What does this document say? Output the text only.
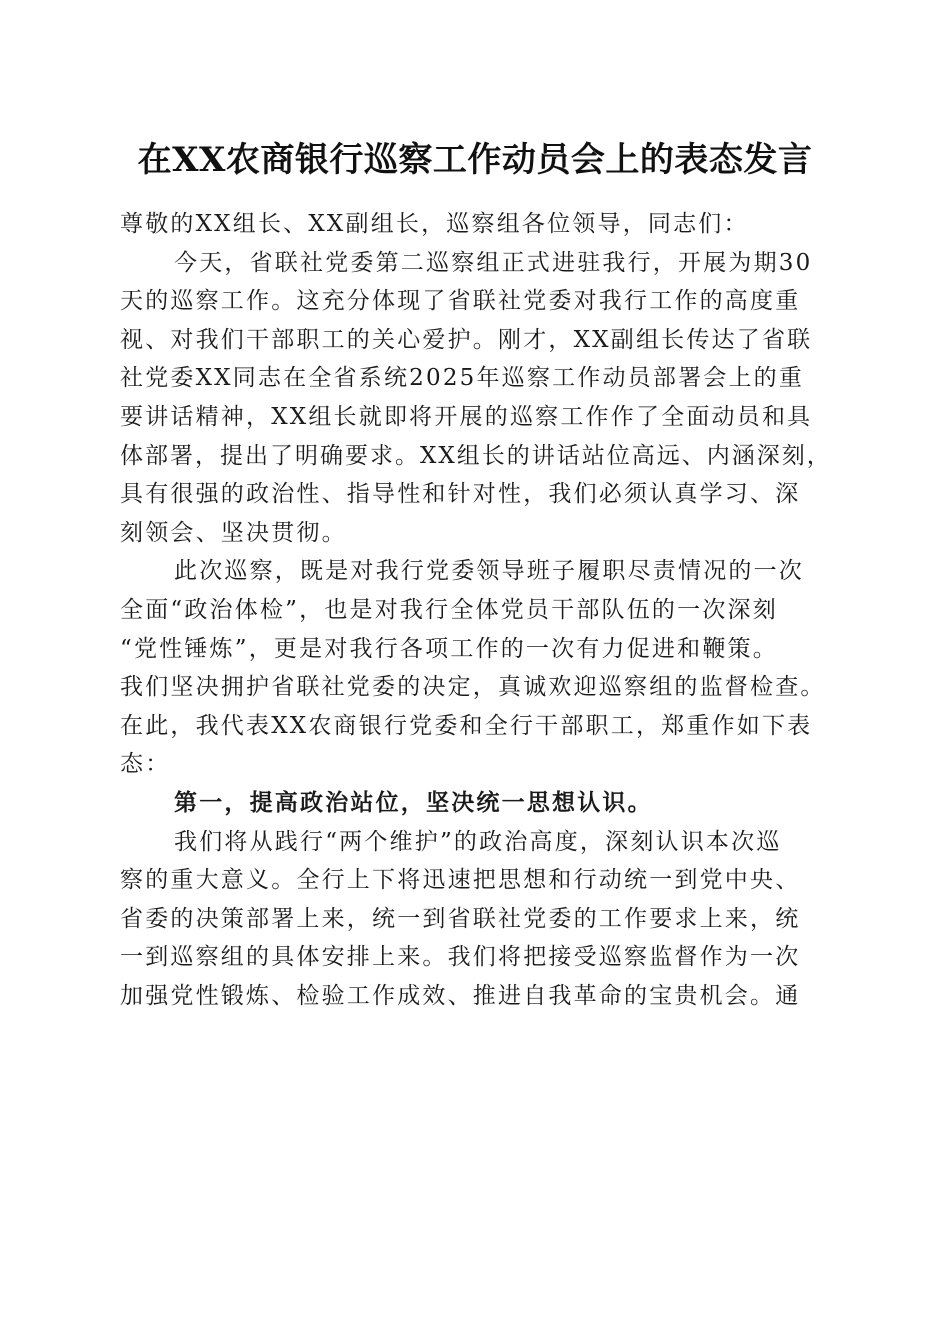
在XX农商银行巡察工作动员会上的表态发言
尊敬的XX组长、XX副组长，巡察组各位领导，同志们：
今天，省联社党委第二巡察组正式进驻我行，开展为期30
天的巡察工作。这充分体现了省联社党委对我行工作的高度重
视、对我们干部职工的关心爱护。刚才，XX副组长传达了省联
社党委XX同志在全省系统2025年巡察工作动员部署会上的重
要讲话精神，XX组长就即将开展的巡察工作作了全面动员和具
体部署，提出了明确要求。XX组长的讲话站位高远、内涵深刻，
具有很强的政治性、指导性和针对性，我们必须认真学习、深
刻领会、坚决贯彻。
此次巡察，既是对我行党委领导班子履职尽责情况的一次
全面“政治体检”，也是对我行全体党员干部队伍的一次深刻
“党性锤炼”，更是对我行各项工作的一次有力促进和鞭策。
我们坚决拥护省联社党委的决定，真诚欢迎巡察组的监督检查。
在此，我代表XX农商银行党委和全行干部职工，郑重作如下表
态：
第一，提高政治站位，坚决统一思想认识。
我们将从践行“两个维护”的政治高度，深刻认识本次巡
察的重大意义。全行上下将迅速把思想和行动统一到党中央、
省委的决策部署上来，统一到省联社党委的工作要求上来，统
一到巡察组的具体安排上来。我们将把接受巡察监督作为一次
加强党性锻炼、检验工作成效、推进自我革命的宝贵机会。通
